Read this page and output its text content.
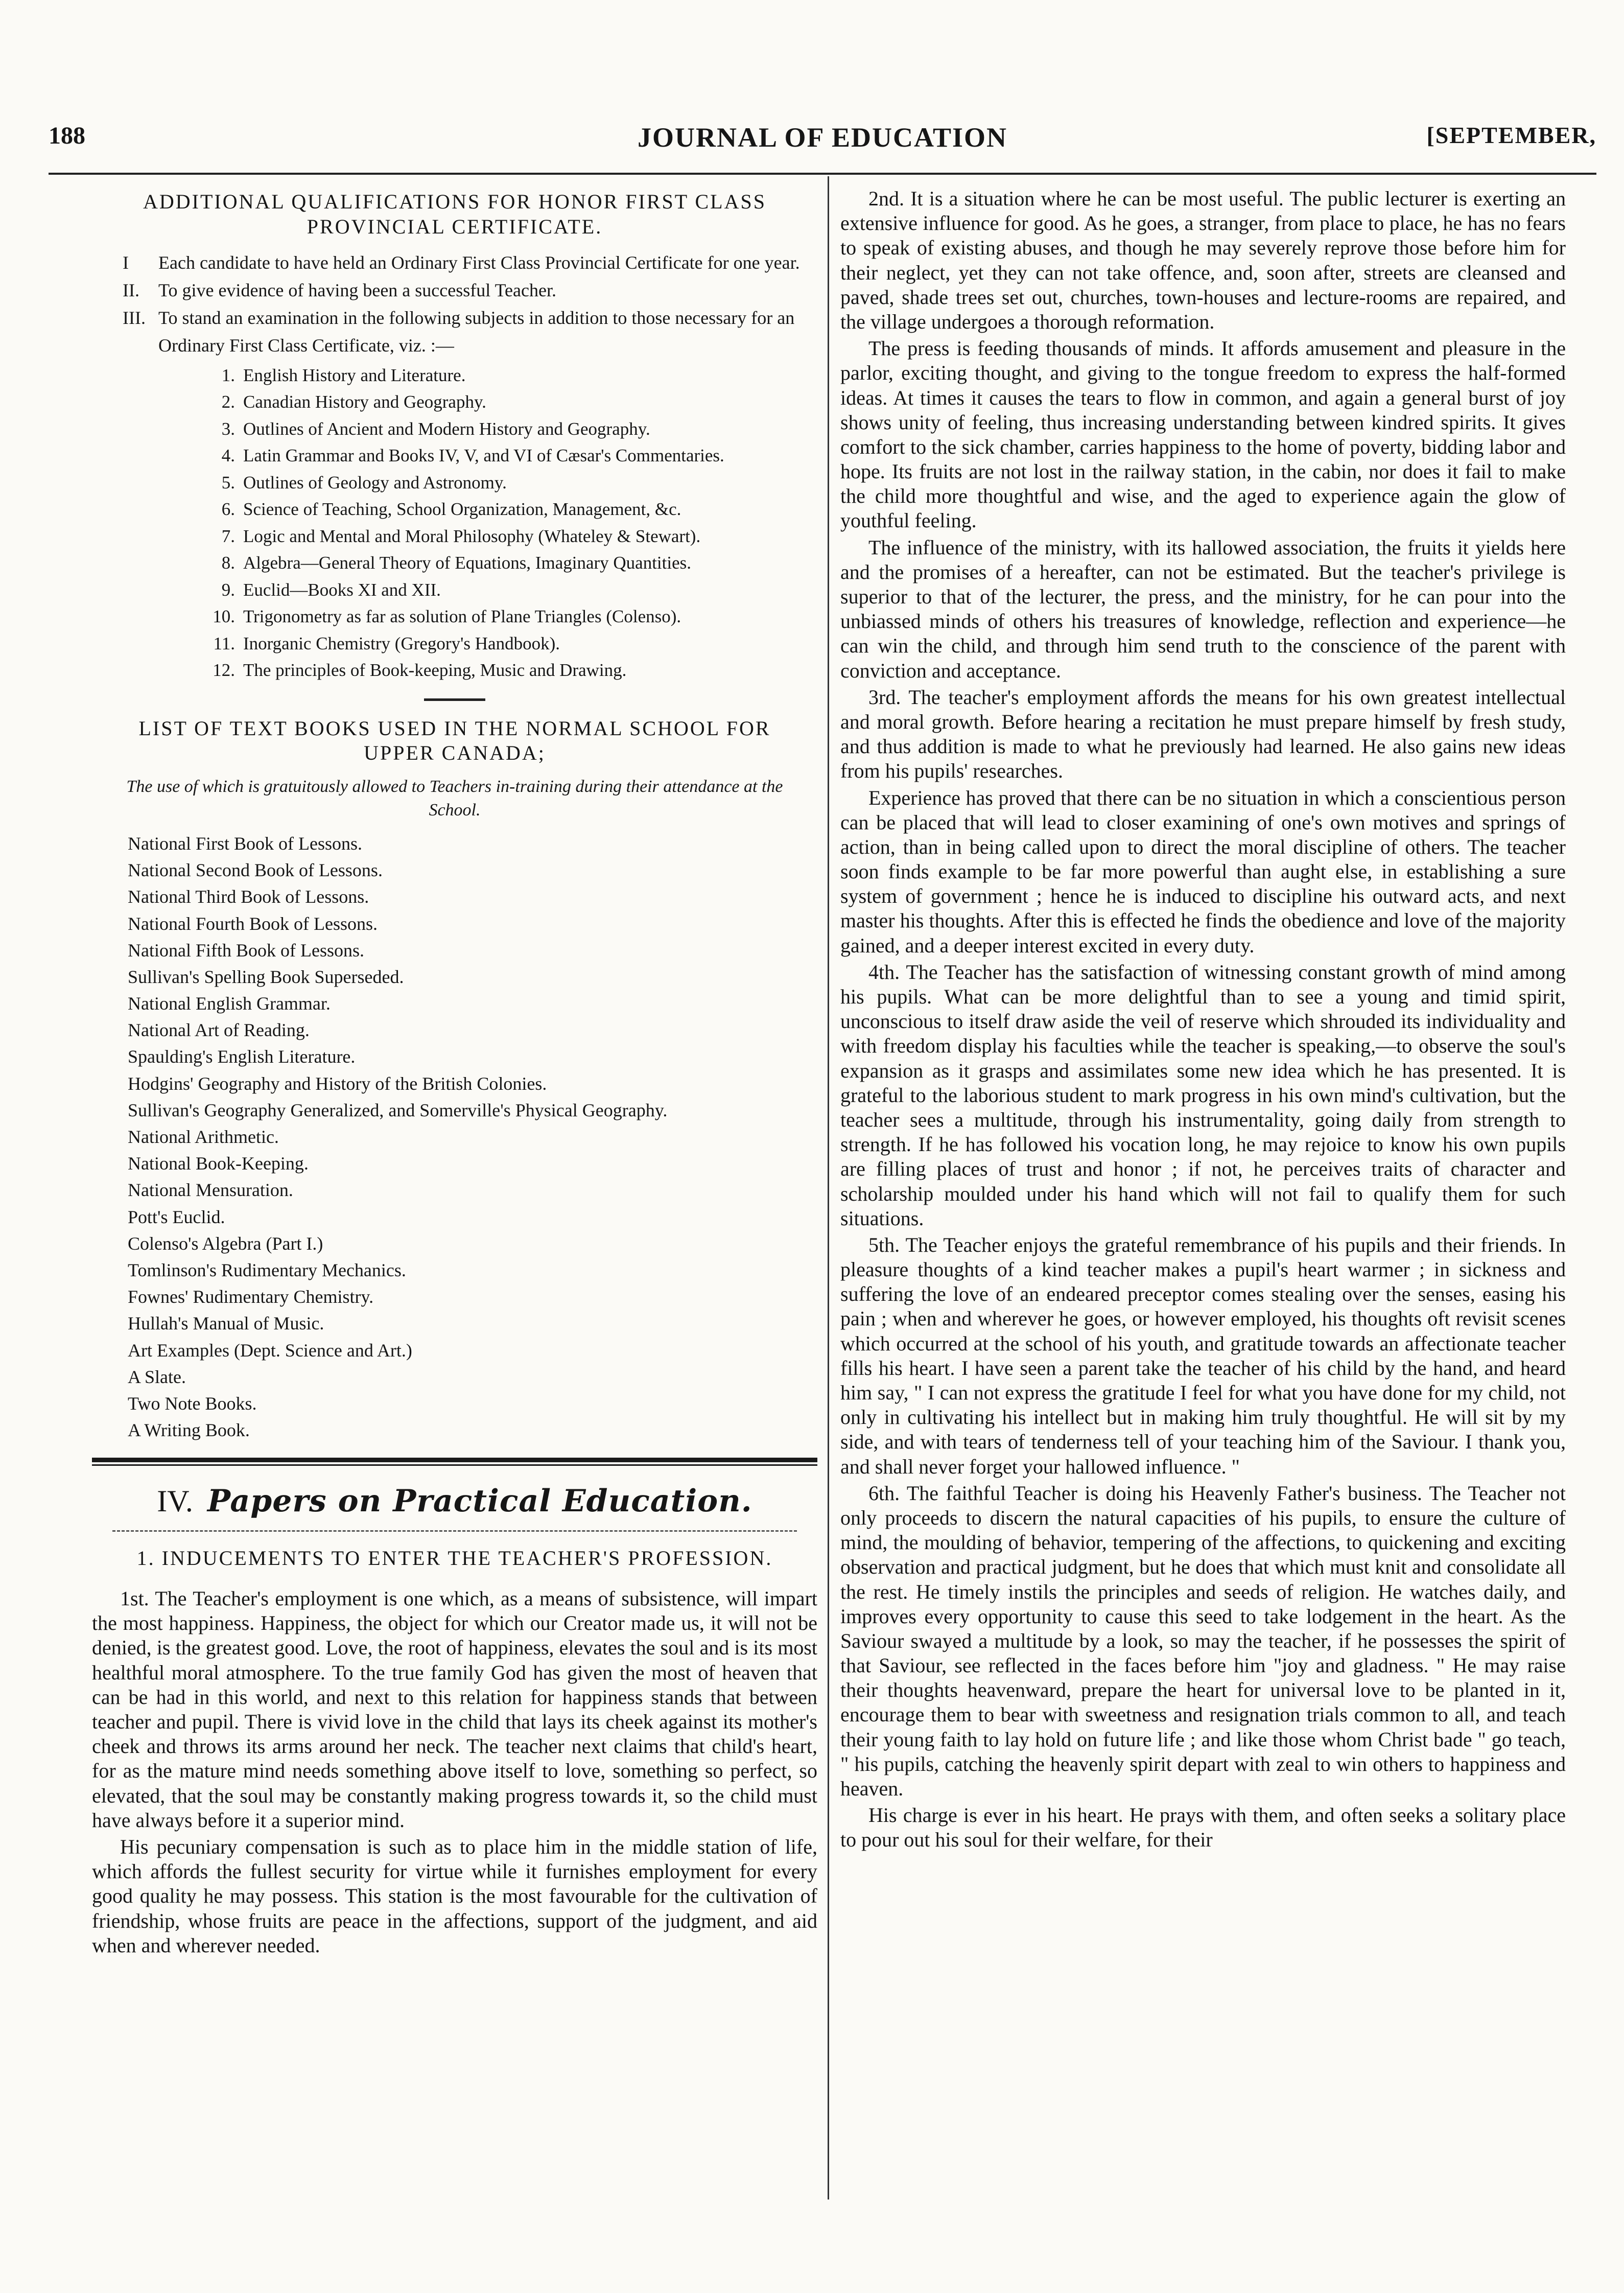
188	JOURNAL OF EDUCATION	[SEPTEMBER,
ADDITIONAL QUALIFICATIONS FOR HONOR FIRST CLASS PROVINCIAL CERTIFICATE.
I	Each candidate to have held an Ordinary First Class Provincial Certificate for one year.
II.	To give evidence of having been a successful Teacher.
III. To stand an examination in the following subjects in addition to those necessary for an Ordinary First Class Certificate, viz. :—
1. English History and Literature.
2. Canadian History and Geography.
3. Outlines of Ancient and Modern History and Geography.
4. Latin Grammar and Books IV, V, and VI of Cæsar's Commentaries.
5. Outlines of Geology and Astronomy.
6. Science of Teaching, School Organization, Management, &c.
7. Logic and Mental and Moral Philosophy (Whateley & Stewart).
8. Algebra—General Theory of Equations, Imaginary Quantities.
9. Euclid—Books XI and XII.
10. Trigonometry as far as solution of Plane Triangles (Colenso).
11. Inorganic Chemistry (Gregory's Handbook).
12. The principles of Book-keeping, Music and Drawing.
LIST OF TEXT BOOKS USED IN THE NORMAL SCHOOL FOR UPPER CANADA;
The use of which is gratuitously allowed to Teachers in-training during their attendance at the School.
National First Book of Lessons.
National Second Book of Lessons.
National Third Book of Lessons.
National Fourth Book of Lessons.
National Fifth Book of Lessons.
Sullivan's Spelling Book Superseded.
National English Grammar.
National Art of Reading.
Spaulding's English Literature.
Hodgins' Geography and History of the British Colonies.
Sullivan's Geography Generalized, and Somerville's Physical Geography.
National Arithmetic.
National Book-Keeping.
National Mensuration.
Pott's Euclid.
Colenso's Algebra (Part I.)
Tomlinson's Rudimentary Mechanics.
Fownes' Rudimentary Chemistry.
Hullah's Manual of Music.
Art Examples (Dept. Science and Art.)
A Slate.
Two Note Books.
A Writing Book.
IV. Papers on Practical Education.
1. INDUCEMENTS TO ENTER THE TEACHER'S PROFESSION.

1st. The Teacher's employment is one which, as a means of subsistence, will impart the most happiness. Happiness, the object for which our Creator made us, it will not be denied, is the greatest good. Love, the root of happiness, elevates the soul and is its most healthful moral atmosphere. To the true family God has given the most of heaven that can be had in this world, and next to this relation for happiness stands that between teacher and pupil. There is vivid love in the child that lays its cheek against its mother's cheek and throws its arms around her neck. The teacher next claims that child's heart, for as the mature mind needs something above itself to love, something so perfect, so elevated, that the soul may be constantly making progress towards it, so the child must have always before it a superior mind.

His pecuniary compensation is such as to place him in the middle station of life, which affords the fullest security for virtue while it furnishes employment for every good quality he may possess. This station is the most favourable for the cultivation of friendship, whose fruits are peace in the affections, support of the judgment, and aid when and wherever needed.

2nd. It is a situation where he can be most useful. The public lecturer is exerting an extensive influence for good. As he goes, a stranger, from place to place, he has no fears to speak of existing abuses, and though he may severely reprove those before him for their neglect, yet they can not take offence, and, soon after, streets are cleansed and paved, shade trees set out, churches, town-houses and lecture-rooms are repaired, and the village undergoes a thorough reformation.

The press is feeding thousands of minds. It affords amusement and pleasure in the parlor, exciting thought, and giving to the tongue freedom to express the half-formed ideas. At times it causes the tears to flow in common, and again a general burst of joy shows unity of feeling, thus increasing understanding between kindred spirits. It gives comfort to the sick chamber, carries happiness to the home of poverty, bidding labor and hope. Its fruits are not lost in the railway station, in the cabin, nor does it fail to make the child more thoughtful and wise, and the aged to experience again the glow of youthful feeling.

The influence of the ministry, with its hallowed association, the fruits it yields here and the promises of a hereafter, can not be estimated. But the teacher's privilege is superior to that of the lecturer, the press, and the ministry, for he can pour into the unbiassed minds of others his treasures of knowledge, reflection and experience—he can win the child, and through him send truth to the conscience of the parent with conviction and acceptance.

3rd. The teacher's employment affords the means for his own greatest intellectual and moral growth. Before hearing a recitation he must prepare himself by fresh study, and thus addition is made to what he previously had learned. He also gains new ideas from his pupils' researches.

Experience has proved that there can be no situation in which a conscientious person can be placed that will lead to closer examining of one's own motives and springs of action, than in being called upon to direct the moral discipline of others. The teacher soon finds example to be far more powerful than aught else, in establishing a sure system of government ; hence he is induced to discipline his outward acts, and next master his thoughts. After this is effected he finds the obedience and love of the majority gained, and a deeper interest excited in every duty.

4th. The Teacher has the satisfaction of witnessing constant growth of mind among his pupils. What can be more delightful than to see a young and timid spirit, unconscious to itself draw aside the veil of reserve which shrouded its individuality and with freedom display his faculties while the teacher is speaking,—to observe the soul's expansion as it grasps and assimilates some new idea which he has presented. It is grateful to the laborious student to mark progress in his own mind's cultivation, but the teacher sees a multitude, through his instrumentality, going daily from strength to strength. If he has followed his vocation long, he may rejoice to know his own pupils are filling places of trust and honor ; if not, he perceives traits of character and scholarship moulded under his hand which will not fail to qualify them for such situations.

5th. The Teacher enjoys the grateful remembrance of his pupils and their friends. In pleasure thoughts of a kind teacher makes a pupil's heart warmer ; in sickness and suffering the love of an endeared preceptor comes stealing over the senses, easing his pain ; when and wherever he goes, or however employed, his thoughts oft revisit scenes which occurred at the school of his youth, and gratitude towards an affectionate teacher fills his heart. I have seen a parent take the teacher of his child by the hand, and heard him say, " I can not express the gratitude I feel for what you have done for my child, not only in cultivating his intellect but in making him truly thoughtful. He will sit by my side, and with tears of tenderness tell of your teaching him of the Saviour. I thank you, and shall never forget your hallowed influence. "

6th. The faithful Teacher is doing his Heavenly Father's business. The Teacher not only proceeds to discern the natural capacities of his pupils, to ensure the culture of mind, the moulding of behavior, tempering of the affections, to quickening and exciting observation and practical judgment, but he does that which must knit and consolidate all the rest. He timely instils the principles and seeds of religion. He watches daily, and improves every opportunity to cause this seed to take lodgement in the heart. As the Saviour swayed a multitude by a look, so may the teacher, if he possesses the spirit of that Saviour, see reflected in the faces before him "joy and gladness. " He may raise their thoughts heavenward, prepare the heart for universal love to be planted in it, encourage them to bear with sweetness and resignation trials common to all, and teach their young faith to lay hold on future life ; and like those whom Christ bade " go teach, " his pupils, catching the heavenly spirit depart with zeal to win others to happiness and heaven.

His charge is ever in his heart. He prays with them, and often seeks a solitary place to pour out his soul for their welfare, for their
